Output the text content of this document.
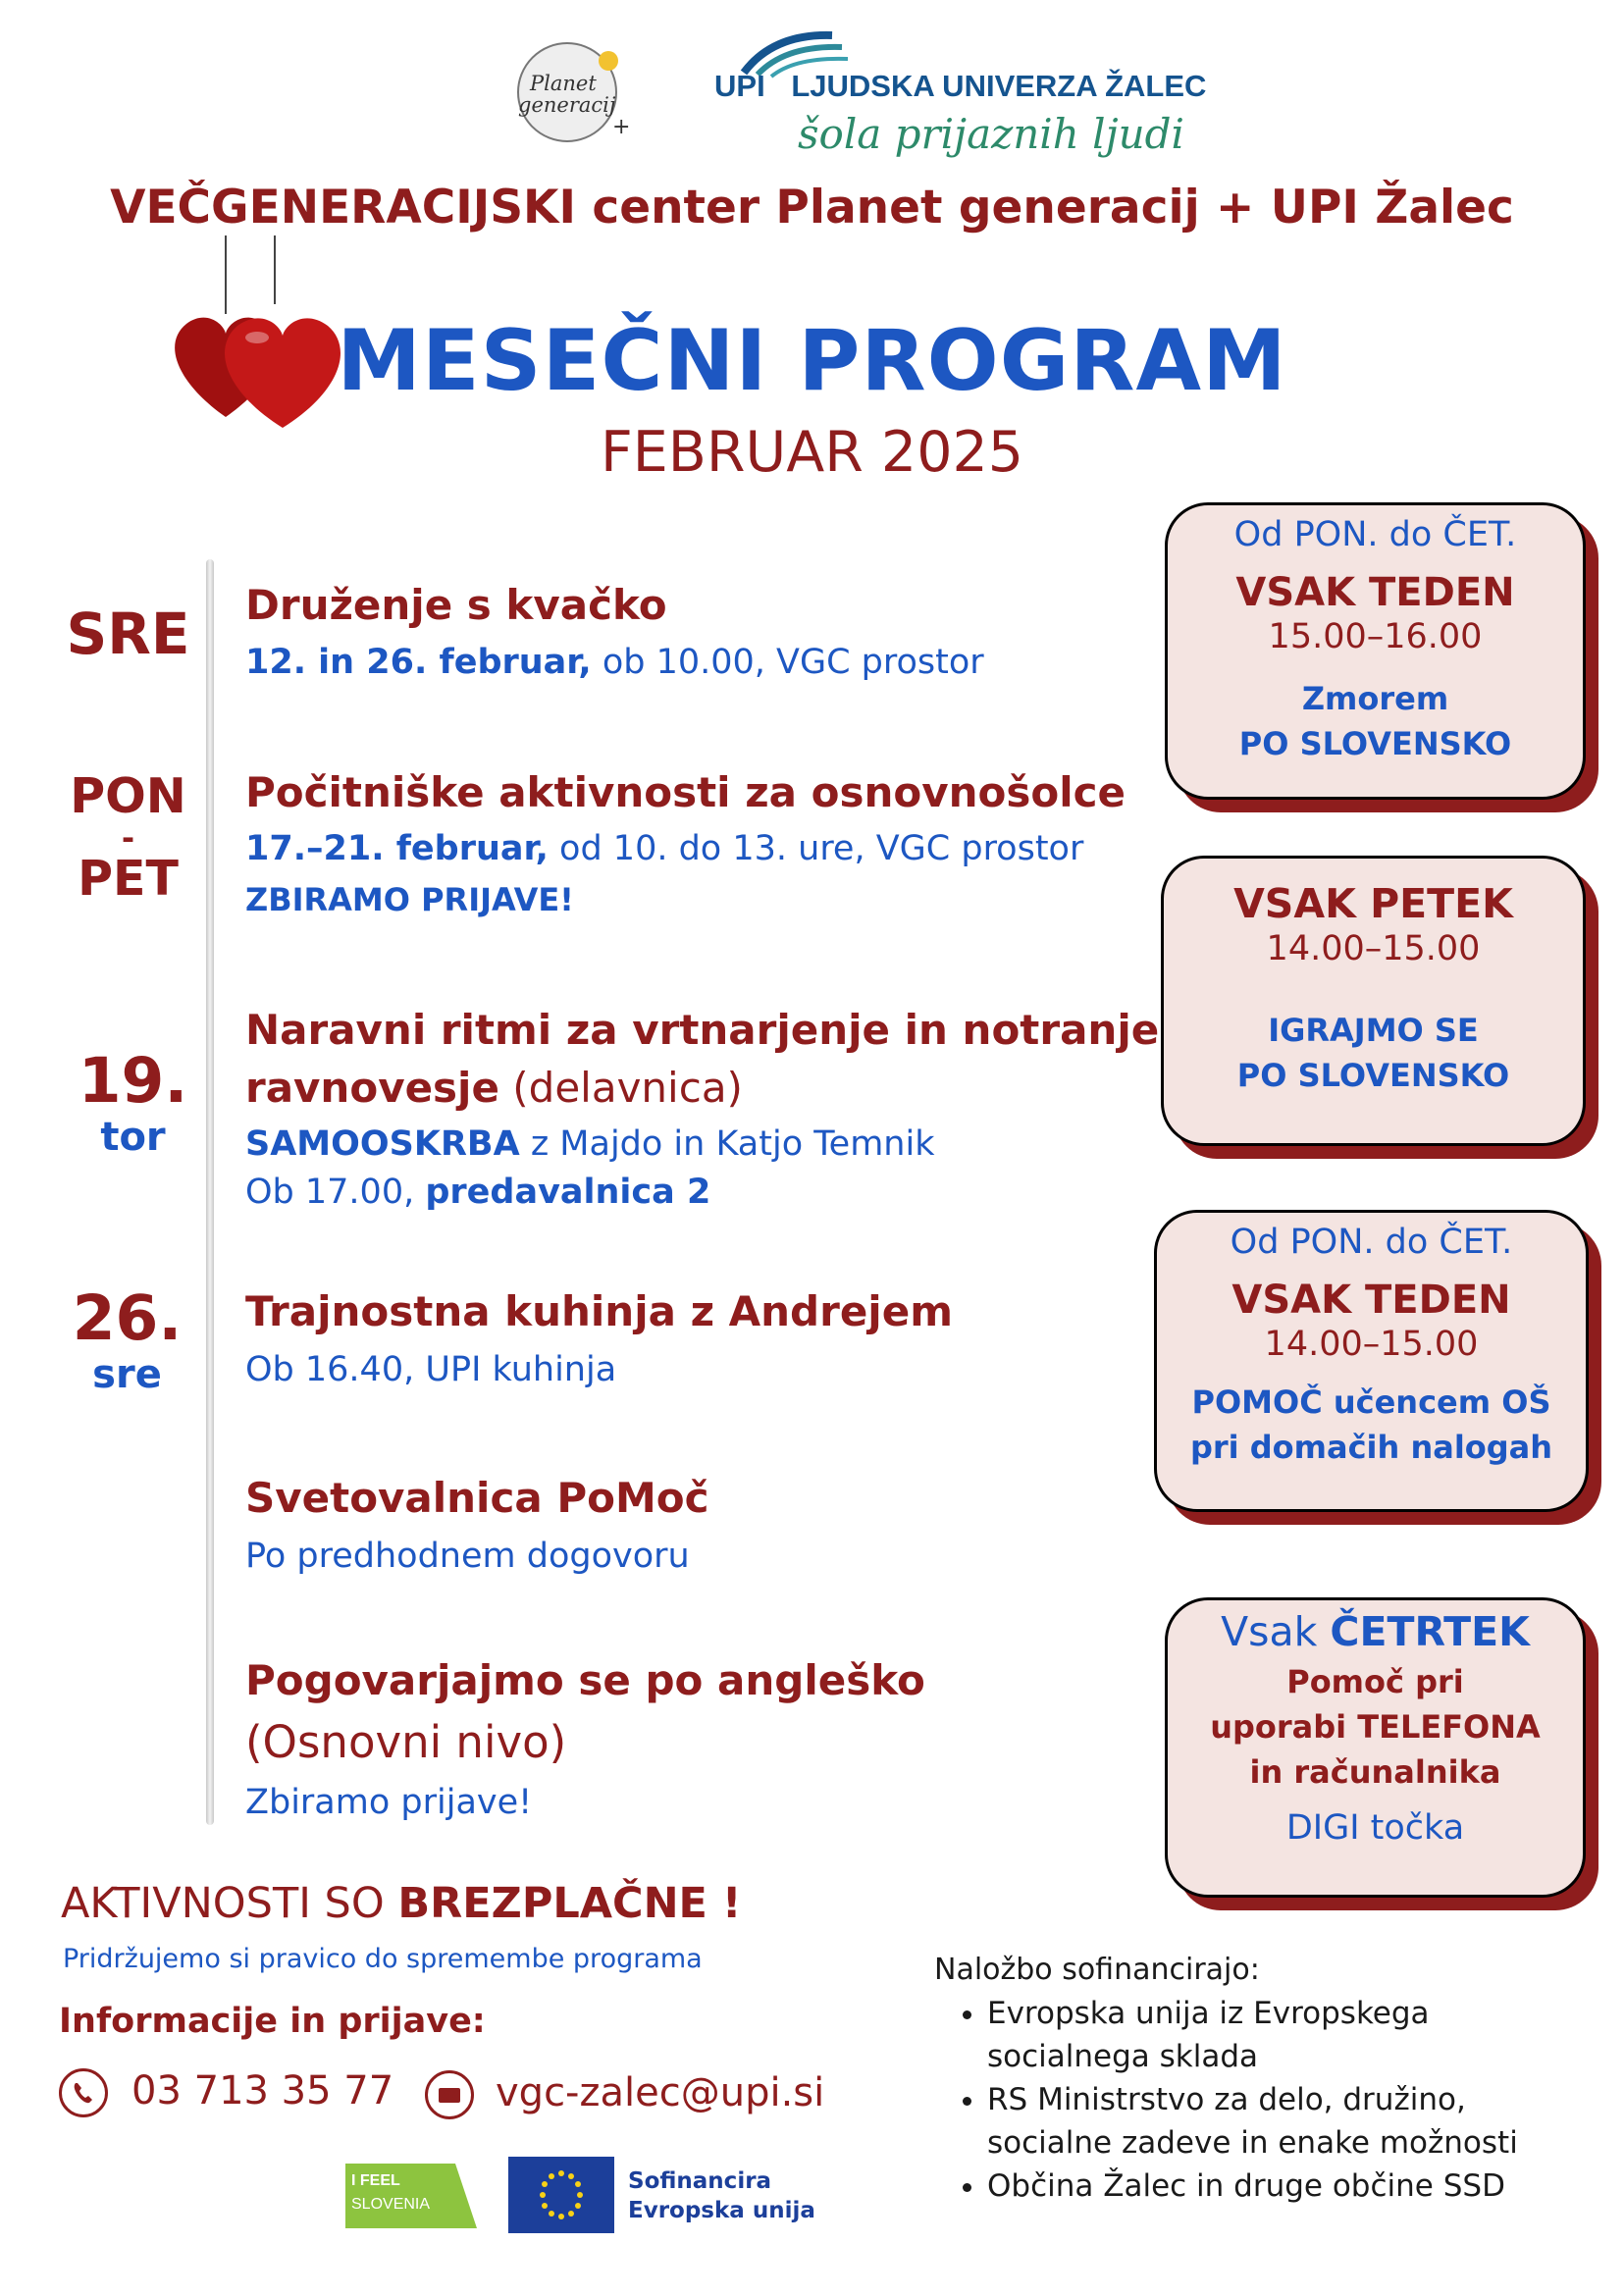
Planet
generacij
+
UPI LJUDSKA UNIVERZA ŽALEC
šola prijaznih ljudi
VEČGENERACIJSKI center Planet generacij + UPI Žalec
MESEČNI PROGRAM
FEBRUAR 2025
SRE
PON
-
PET
19.
tor
26.
sre
Druženje s kvačko
12. in 26. februar, ob 10.00, VGC prostor
Počitniške aktivnosti za osnovnošolce
17.–21. februar, od 10. do 13. ure, VGC prostor
ZBIRAMO PRIJAVE!
Naravni ritmi za vrtnarjenje in notranje
ravnovesje (delavnica)
SAMOOSKRBA z Majdo in Katjo Temnik
Ob 17.00, predavalnica 2
Trajnostna kuhinja z Andrejem
Ob 16.40, UPI kuhinja
Svetovalnica PoMoč
Po predhodnem dogovoru
Pogovarjajmo se po angleško
(Osnovni nivo)
Zbiramo prijave!
Od PON. do ČET.
VSAK TEDEN
15.00–16.00
Zmorem
PO SLOVENSKO
VSAK PETEK
14.00–15.00
IGRAJMO SE
PO SLOVENSKO
Od PON. do ČET.
VSAK TEDEN
14.00–15.00
POMOČ učencem OŠ
pri domačih nalogah
Vsak ČETRTEK
Pomoč pri
uporabi TELEFONA
in računalnika
DIGI točka
AKTIVNOSTI SO BREZPLAČNE !
Pridržujemo si pravico do spremembe programa
Informacije in prijave:
03 713 35 77	vgc-zalec@upi.si
Naložbo sofinancirajo:
• Evropska unija iz Evropskega
socialnega sklada
• RS Ministrstvo za delo, družino,
socialne zadeve in enake možnosti
• Občina Žalec in druge občine SSD
I FEEL
SLOVENIA
Sofinancira
Evropska unija
